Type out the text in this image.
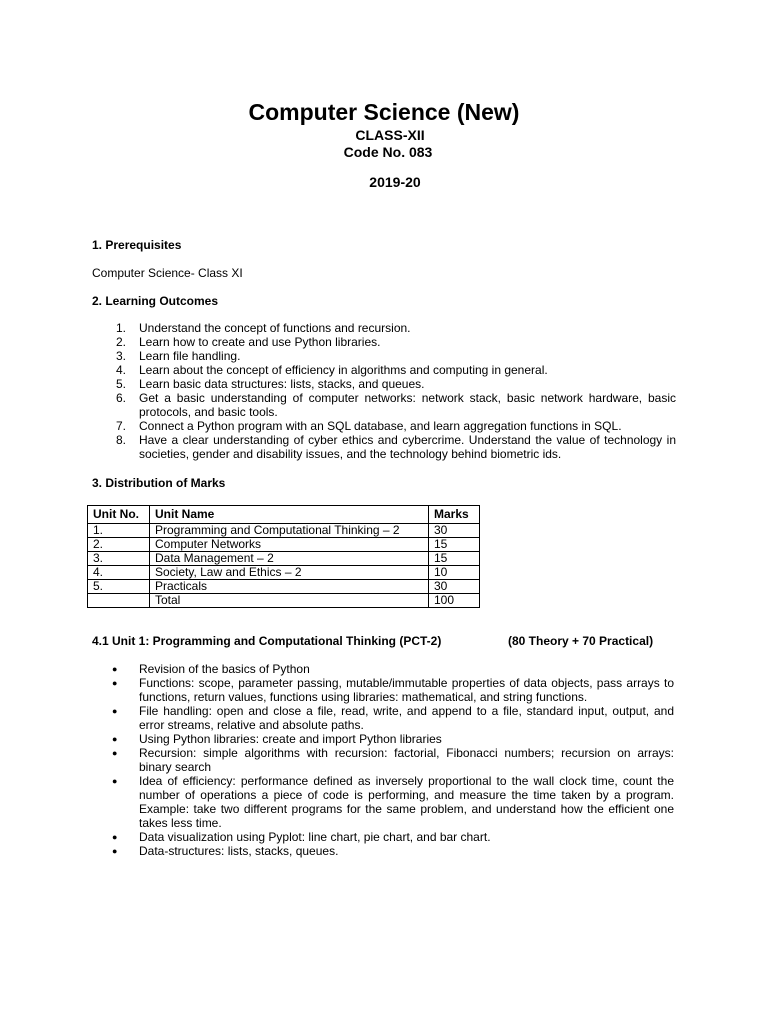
Computer Science (New)

CLASS-XII

Code No. 083

2019-20

1. Prerequisites

Computer Science- Class XI

2. Learning Outcomes

1.	Understand the concept of functions and recursion.
2.	Learn how to create and use Python libraries.
3.	Learn file handling.
4.	Learn about the concept of efficiency in algorithms and computing in general.
5.	Learn basic data structures: lists, stacks, and queues.
6.	Get a basic understanding of computer networks: network stack, basic network hardware, basic protocols, and basic tools.
7.	Connect a Python program with an SQL database, and learn aggregation functions in SQL.
8.	Have a clear understanding of cyber ethics and cybercrime. Understand the value of technology in societies, gender and disability issues, and the technology behind biometric ids.

3. Distribution of Marks

Unit No.	Unit Name	Marks
1.	Programming and Computational Thinking – 2	30
2.	Computer Networks	15
3.	Data Management – 2	15
4.	Society, Law and Ethics – 2	10
5.	Practicals	30
	Total	100

4.1 Unit 1: Programming and Computational Thinking (PCT-2)	(80 Theory + 70 Practical)

●	Revision of the basics of Python
●	Functions: scope, parameter passing, mutable/immutable properties of data objects, pass arrays to functions, return values, functions using libraries: mathematical, and string functions.
●	File handling: open and close a file, read, write, and append to a file, standard input, output, and error streams, relative and absolute paths.
●	Using Python libraries: create and import Python libraries
●	Recursion: simple algorithms with recursion: factorial, Fibonacci numbers; recursion on arrays: binary search
●	Idea of efficiency: performance defined as inversely proportional to the wall clock time, count the number of operations a piece of code is performing, and measure the time taken by a program. Example: take two different programs for the same problem, and understand how the efficient one takes less time.
●	Data visualization using Pyplot: line chart, pie chart, and bar chart.
●	Data-structures: lists, stacks, queues.
